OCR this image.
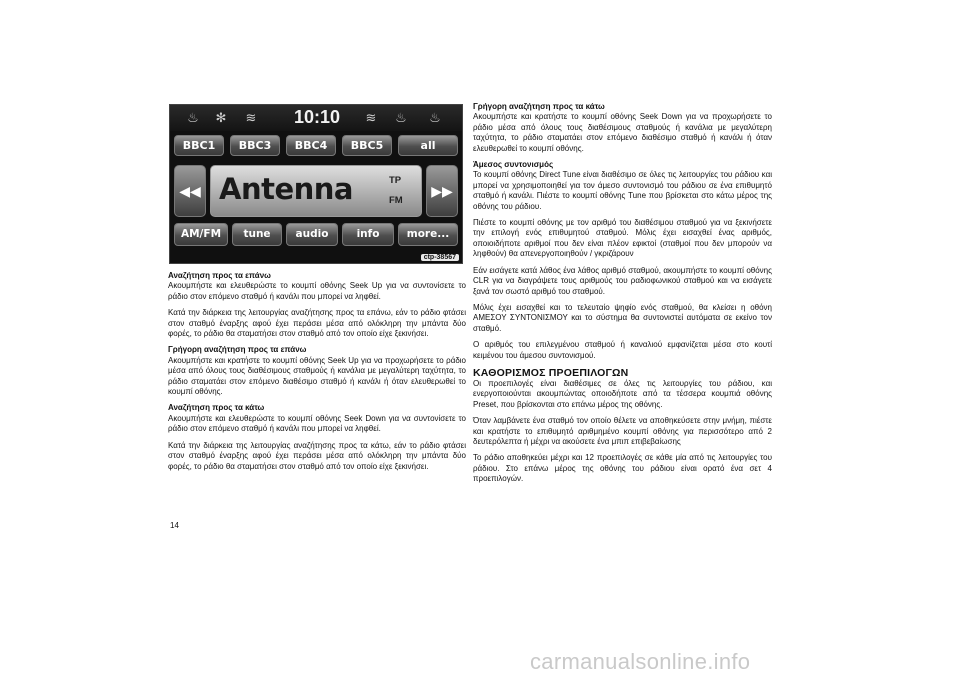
♨ ✻ ≋	10:10	≋ ♨ ♨
BBC1	BBC3	BBC4	BBC5	all
◀◀ Antenna	TP
FM
▶▶
AM/FM	tune	audio	info	more...
ctp-38567
Αναζήτηση προς τα επάνω

Ακουμπήστε και ελευθερώστε το κουμπί οθόνης Seek Up για να συντονίσετε το ράδιο στον επόμενο σταθμό ή κανάλι που μπορεί να ληφθεί.

Κατά την διάρκεια της λειτουργίας αναζήτησης προς τα επάνω, εάν το ράδιο φτάσει στον σταθμό έναρξης αφού έχει περάσει μέσα από ολόκληρη την μπάντα δύο φορές, το ράδιο θα σταματήσει στον σταθμό από τον οποίο είχε ξεκινήσει.

Γρήγορη αναζήτηση προς τα επάνω

Ακουμπήστε και κρατήστε το κουμπί οθόνης Seek Up για να προχωρήσετε το ράδιο μέσα από όλους τους διαθέσιμους σταθμούς ή κανάλια με μεγαλύτερη ταχύτητα, το ράδιο σταματάει στον επόμενο διαθέσιμο σταθμό ή κανάλι ή όταν ελευθερωθεί το κουμπί οθόνης.

Αναζήτηση προς τα κάτω

Ακουμπήστε και ελευθερώστε το κουμπί οθόνης Seek Down για να συντονίσετε το ράδιο στον επόμενο σταθμό ή κανάλι που μπορεί να ληφθεί.

Κατά την διάρκεια της λειτουργίας αναζήτησης προς τα κάτω, εάν το ράδιο φτάσει στον σταθμό έναρξης αφού έχει περάσει μέσα από ολόκληρη την μπάντα δύο φορές, το ράδιο θα σταματήσει στον σταθμό από τον οποίο είχε ξεκινήσει.

Γρήγορη αναζήτηση προς τα κάτω

Ακουμπήστε και κρατήστε το κουμπί οθόνης Seek Down για να προχωρήσετε το ράδιο μέσα από όλους τους διαθέσιμους σταθμούς ή κανάλια με μεγαλύτερη ταχύτητα, το ράδιο σταματάει στον επόμενο διαθέσιμο σταθμό ή κανάλι ή όταν ελευθερωθεί το κουμπί οθόνης.

Άμεσος συντονισμός

Το κουμπί οθόνης Direct Tune είναι διαθέσιμο σε όλες τις λειτουργίες του ράδιου και μπορεί να χρησιμοποιηθεί για τον άμεσο συντονισμό του ράδιου σε ένα επιθυμητό σταθμό ή κανάλι. Πιέστε το κουμπί οθόνης Tune που βρίσκεται στο κάτω μέρος της οθόνης του ράδιου.

Πιέστε το κουμπί οθόνης με τον αριθμό του διαθέσιμου σταθμού για να ξεκινήσετε την επιλογή ενός επιθυμητού σταθμού. Μόλις έχει εισαχθεί ένας αριθμός, οποιοιδήποτε αριθμοί που δεν είναι πλέον εφικτοί (σταθμοί που δεν μπορούν να ληφθούν) θα απενεργοποιηθούν / γκριζάρουν

Εάν εισάγετε κατά λάθος ένα λάθος αριθμό σταθμού, ακουμπήστε το κουμπί οθόνης CLR για να διαγράψετε τους αριθμούς του ραδιοφωνικού σταθμού και να εισάγετε ξανά τον σωστό αριθμό του σταθμού.

Μόλις έχει εισαχθεί και το τελευταίο ψηφίο ενός σταθμού, θα κλείσει η οθόνη ΑΜΕΣΟΥ ΣΥΝΤΟΝΙΣΜΟΥ και το σύστημα θα συντονιστεί αυτόματα σε εκείνο τον σταθμό.

Ο αριθμός του επιλεγμένου σταθμού ή καναλιού εμφανίζεται μέσα στο κουτί κειμένου του άμεσου συντονισμού.

ΚΑΘΟΡΙΣΜΟΣ ΠΡΟΕΠΙΛΟΓΩΝ

Οι προεπιλογές είναι διαθέσιμες σε όλες τις λειτουργίες του ράδιου, και ενεργοποιούνται ακουμπώντας οποιοδήποτε από τα τέσσερα κουμπιά οθόνης Preset, που βρίσκονται στο επάνω μέρος της οθόνης.

Όταν λαμβάνετε ένα σταθμό τον οποίο θέλετε να αποθηκεύσετε στην μνήμη, πιέστε και κρατήστε το επιθυμητό αριθμημένο κουμπί οθόνης για περισσότερο από 2 δευτερόλεπτα ή μέχρι να ακούσετε ένα μπιπ επιβεβαίωσης

Το ράδιο αποθηκεύει μέχρι και 12 προεπιλογές σε κάθε μία από τις λειτουργίες του ράδιου. Στο επάνω μέρος της οθόνης του ράδιου είναι ορατό ένα σετ 4 προεπιλογών.

14
carmanualsonline.info
